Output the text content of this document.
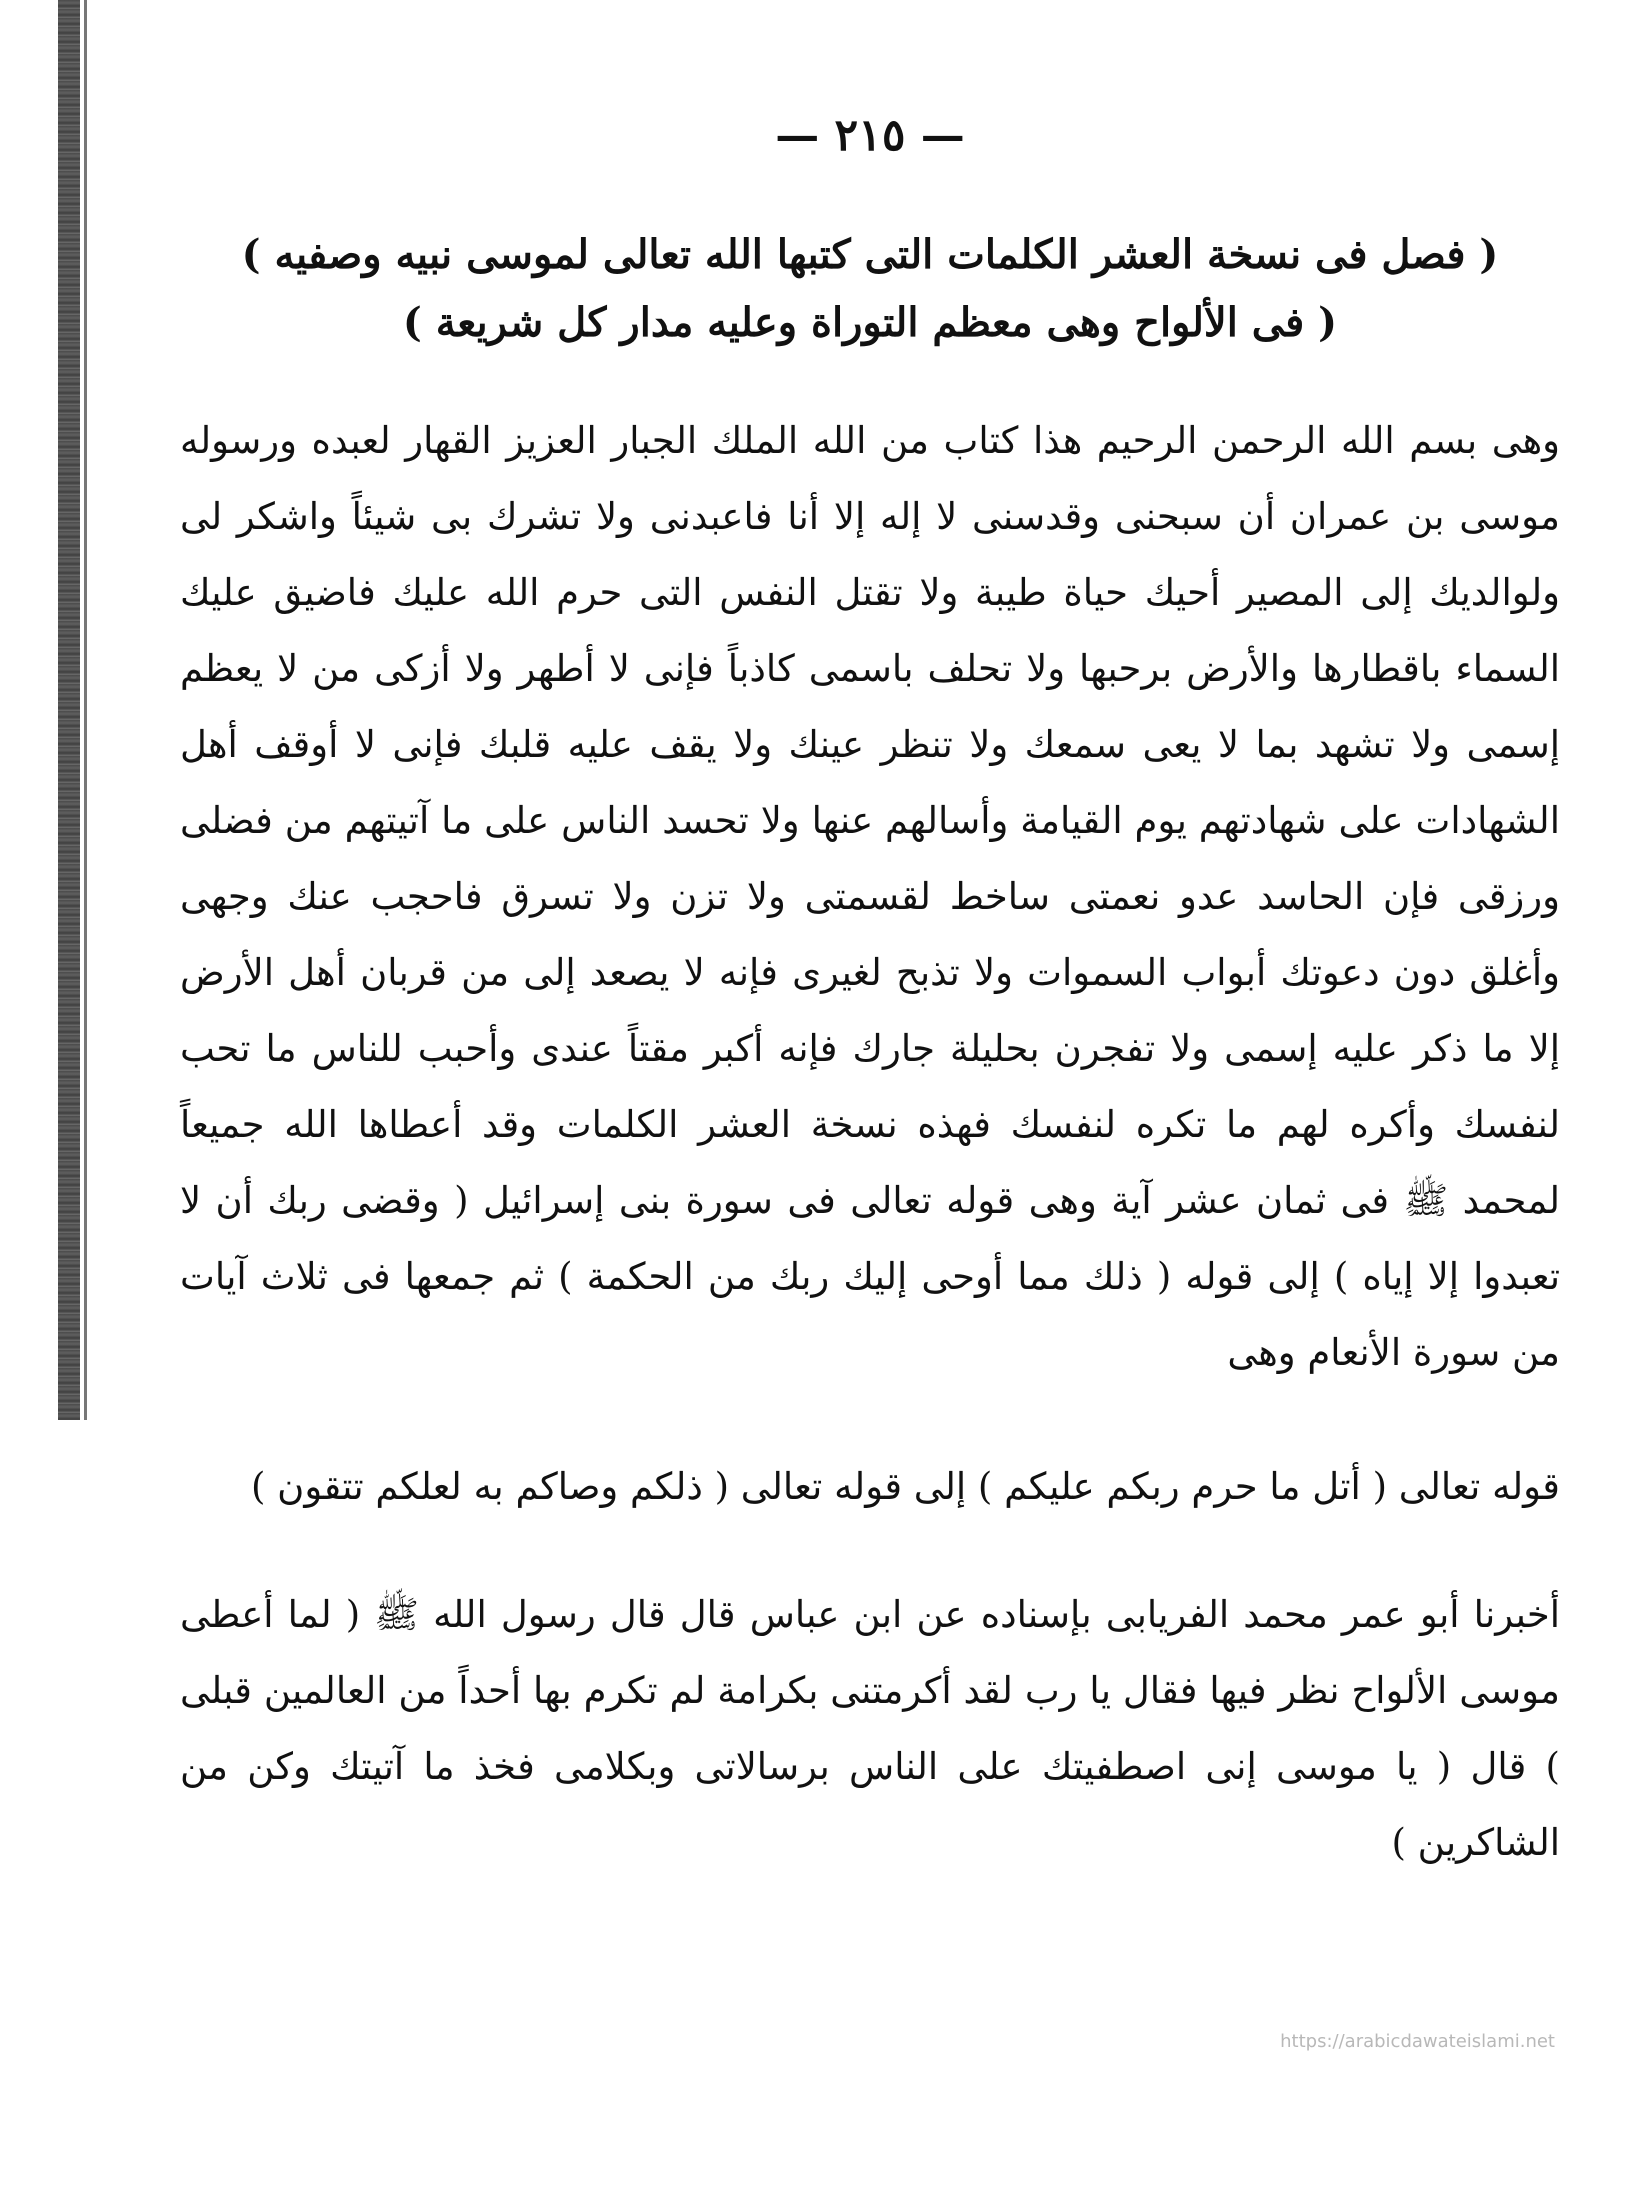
— ٢١٥ —
( فصل فى نسخة العشر الكلمات التى كتبها الله تعالى لموسى نبيه وصفيه )
( فى الألواح وهى معظم التوراة وعليه مدار كل شريعة )
وهى بسم الله الرحمن الرحيم هذا كتاب من الله الملك الجبار العزيز القهار لعبده ورسوله موسى بن عمران أن سبحنى وقدسنى لا إله إلا أنا فاعبدنى ولا تشرك بى شيئاً واشكر لى ولوالديك إلى المصير أحيك حياة طيبة ولا تقتل النفس التى حرم الله عليك فاضيق عليك السماء باقطارها والأرض برحبها ولا تحلف باسمى كاذباً فإنى لا أطهر ولا أزكى من لا يعظم إسمى ولا تشهد بما لا يعى سمعك ولا تنظر عينك ولا يقف عليه قلبك فإنى لا أوقف أهل الشهادات على شهادتهم يوم القيامة وأسالهم عنها ولا تحسد الناس على ما آتيتهم من فضلى ورزقى فإن الحاسد عدو نعمتى ساخط لقسمتى ولا تزن ولا تسرق فاحجب عنك وجهى وأغلق دون دعوتك أبواب السموات ولا تذبح لغيرى فإنه لا يصعد إلى من قربان أهل الأرض إلا ما ذكر عليه إسمى ولا تفجرن بحليلة جارك فإنه أكبر مقتاً عندى وأحبب للناس ما تحب لنفسك وأكره لهم ما تكره لنفسك فهذه نسخة العشر الكلمات وقد أعطاها الله جميعاً لمحمد ﷺ فى ثمان عشر آية وهى قوله تعالى فى سورة بنى إسرائيل ( وقضى ربك أن لا تعبدوا إلا إياه ) إلى قوله ( ذلك مما أوحى إليك ربك من الحكمة ) ثم جمعها فى ثلاث آيات من سورة الأنعام وهى
قوله تعالى ( أتل ما حرم ربكم عليكم ) إلى قوله تعالى ( ذلكم وصاكم به لعلكم تتقون )
أخبرنا أبو عمر محمد الفريابى بإسناده عن ابن عباس قال قال رسول الله ﷺ ( لما أعطى موسى الألواح نظر فيها فقال يا رب لقد أكرمتنى بكرامة لم تكرم بها أحداً من العالمين قبلى ) قال ( يا موسى إنى اصطفيتك على الناس برسالاتى وبكلامى فخذ ما آتيتك وكن من الشاكرين )
https://arabicdawateislami.net
